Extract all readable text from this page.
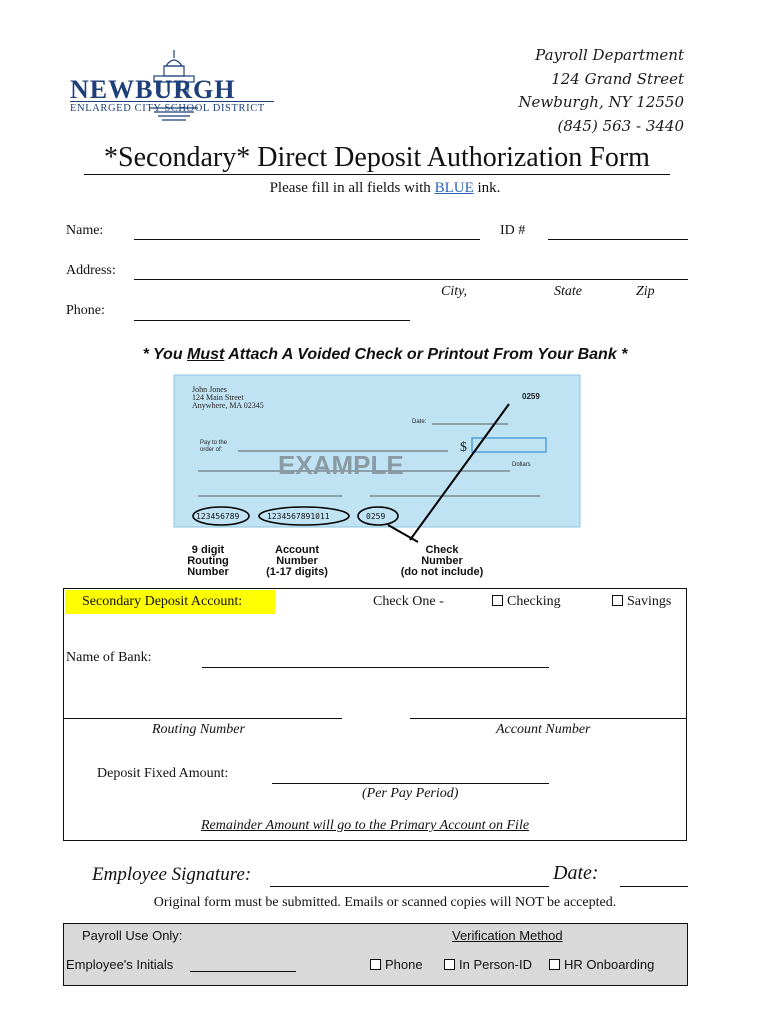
NEWBURGH
ENLARGED CITY SCHOOL DISTRICT
Payroll Department
124 Grand Street
Newburgh, NY 12550
(845) 563 - 3440
*Secondary* Direct Deposit Authorization Form
Please fill in all fields with BLUE ink.
Name:	ID #
Address:
City,	State	Zip
Phone:
* You Must Attach A Voided Check or Printout From Your Bank *
John Jones
124 Main Street
Anywhere, MA 02345
0259
Date:
Pay to the
order of:	$
Dollars
EXAMPLE
123456789	1234567891011	0259
9 digit
Routing
Number
Account
Number
(1-17 digits)
Check
Number
(do not include)
Secondary Deposit Account:	Check One -	Checking	Savings
Name of Bank:
Routing Number	Account Number
Deposit Fixed Amount:
(Per Pay Period)
Remainder Amount will go to the Primary Account on File
Employee Signature:	Date:
Original form must be submitted. Emails or scanned copies will NOT be accepted.
Payroll Use Only:	Verification Method
Employee's Initials	Phone	In Person-ID	HR Onboarding
